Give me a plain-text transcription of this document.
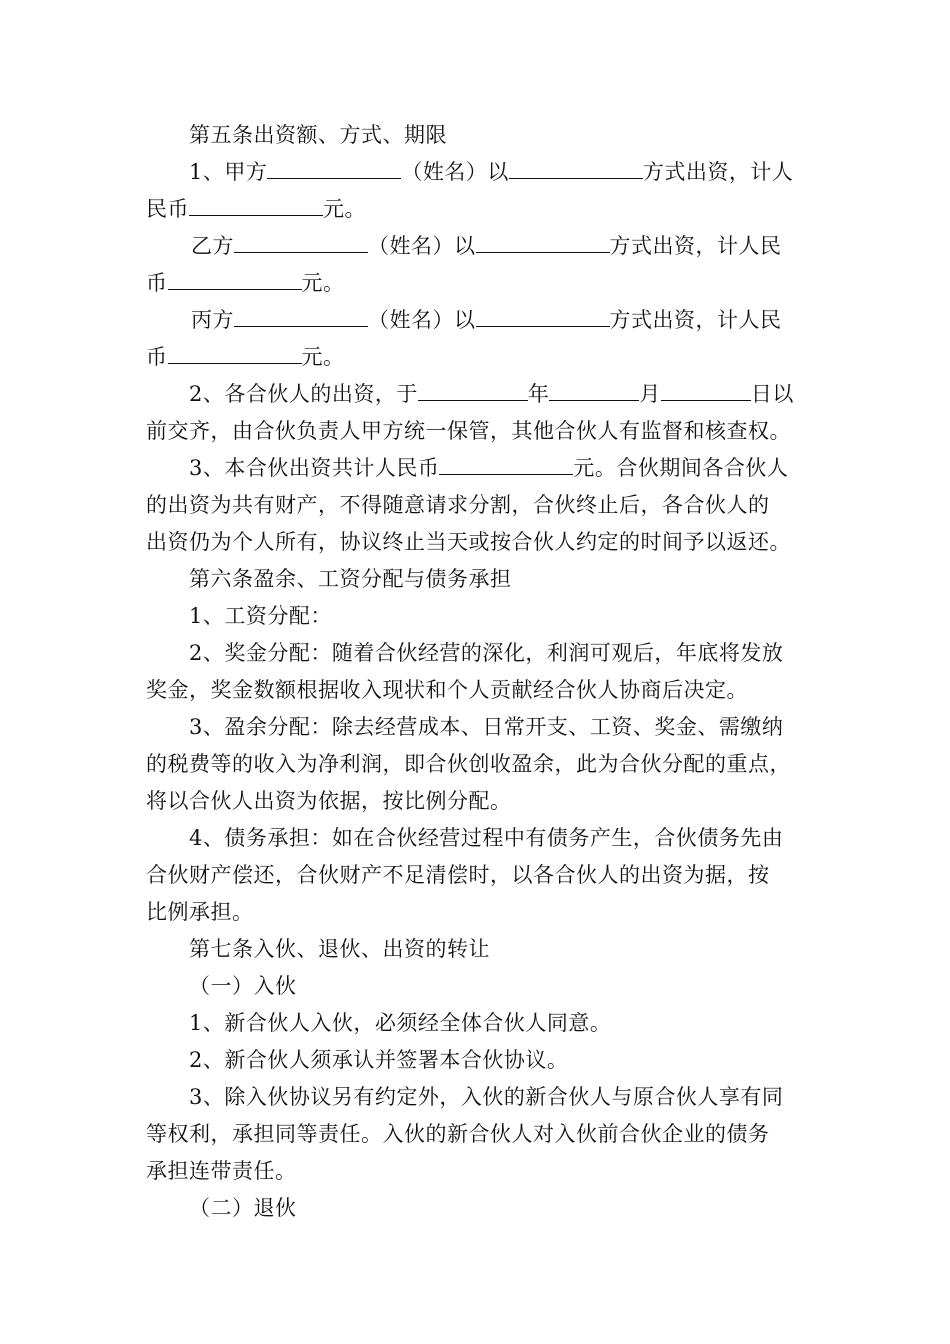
第五条出资额、方式、期限
1、甲方	（姓名）以	方式出资，计人
民币	元。
乙方	（姓名）以	方式出资，计人民
币	元。
丙方	（姓名）以	方式出资，计人民
币	元。
2、各合伙人的出资，于	年	月	日以
前交齐，由合伙负责人甲方统一保管，其他合伙人有监督和核查权。
3、本合伙出资共计人民币	元。合伙期间各合伙人
的出资为共有财产，不得随意请求分割，合伙终止后，各合伙人的
出资仍为个人所有，协议终止当天或按合伙人约定的时间予以返还。
第六条盈余、工资分配与债务承担
1、工资分配：
2、奖金分配：随着合伙经营的深化，利润可观后，年底将发放
奖金，奖金数额根据收入现状和个人贡献经合伙人协商后决定。
3、盈余分配：除去经营成本、日常开支、工资、奖金、需缴纳
的税费等的收入为净利润，即合伙创收盈余，此为合伙分配的重点，
将以合伙人出资为依据，按比例分配。
4、债务承担：如在合伙经营过程中有债务产生，合伙债务先由
合伙财产偿还，合伙财产不足清偿时，以各合伙人的出资为据，按
比例承担。
第七条入伙、退伙、出资的转让
（一）入伙
1、新合伙人入伙，必须经全体合伙人同意。
2、新合伙人须承认并签署本合伙协议。
3、除入伙协议另有约定外，入伙的新合伙人与原合伙人享有同
等权利，承担同等责任。入伙的新合伙人对入伙前合伙企业的债务
承担连带责任。
（二）退伙
